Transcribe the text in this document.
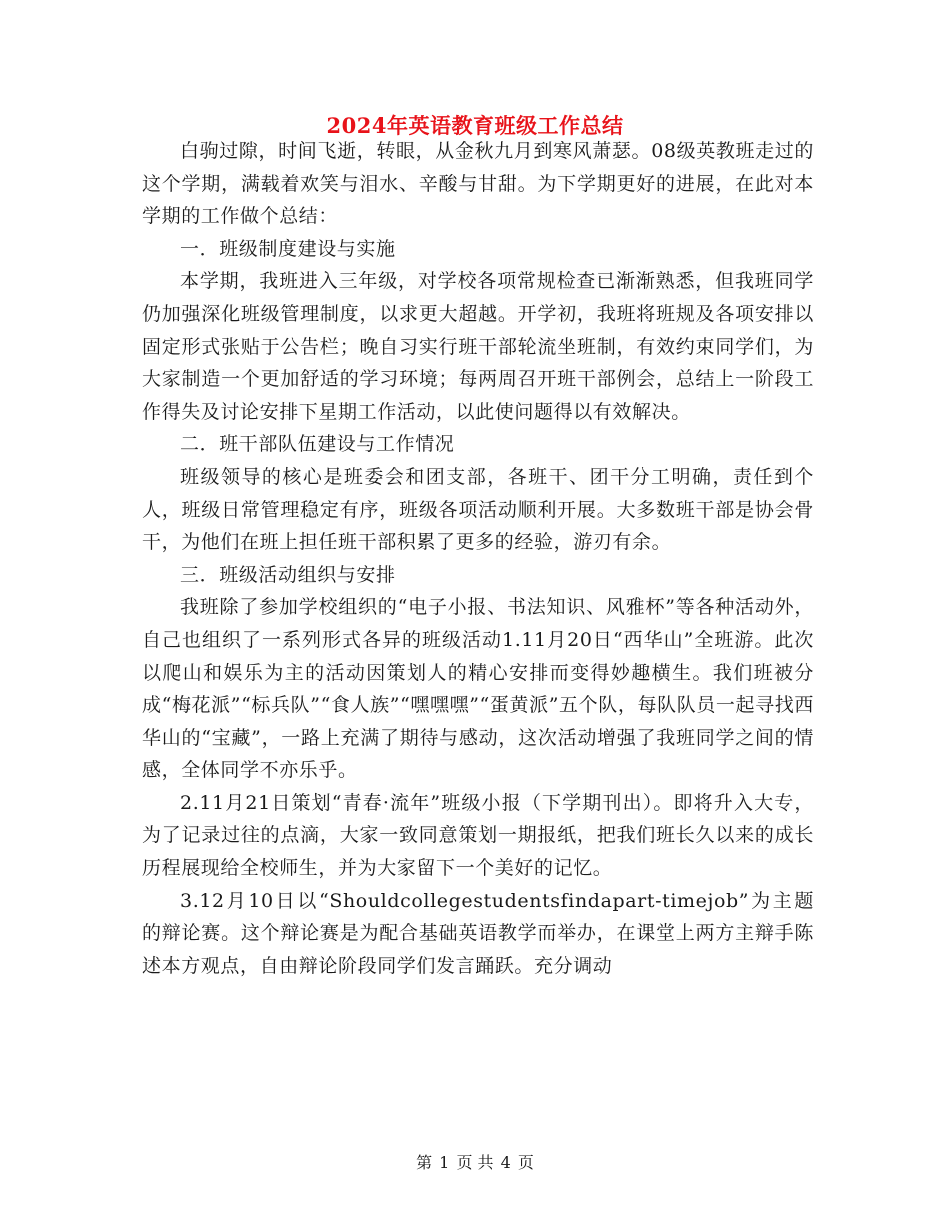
2024年英语教育班级工作总结

白驹过隙，时间飞逝，转眼，从金秋九月到寒风萧瑟。08级英教班走过的这个学期，满载着欢笑与泪水、辛酸与甘甜。为下学期更好的进展，在此对本学期的工作做个总结：

一．班级制度建设与实施

本学期，我班进入三年级，对学校各项常规检查已渐渐熟悉，但我班同学仍加强深化班级管理制度，以求更大超越。开学初，我班将班规及各项安排以固定形式张贴于公告栏；晚自习实行班干部轮流坐班制，有效约束同学们，为大家制造一个更加舒适的学习环境；每两周召开班干部例会，总结上一阶段工作得失及讨论安排下星期工作活动，以此使问题得以有效解决。

二．班干部队伍建设与工作情况

班级领导的核心是班委会和团支部，各班干、团干分工明确，责任到个人，班级日常管理稳定有序，班级各项活动顺利开展。大多数班干部是协会骨干，为他们在班上担任班干部积累了更多的经验，游刃有余。

三．班级活动组织与安排

我班除了参加学校组织的“电子小报、书法知识、风雅杯”等各种活动外，自己也组织了一系列形式各异的班级活动1.11月20日“西华山”全班游。此次以爬山和娱乐为主的活动因策划人的精心安排而变得妙趣横生。我们班被分成“梅花派”“标兵队”“食人族”“嘿嘿嘿”“蛋黄派”五个队，每队队员一起寻找西华山的“宝藏”，一路上充满了期待与感动，这次活动增强了我班同学之间的情感，全体同学不亦乐乎。

2.11月21日策划“青春·流年”班级小报（下学期刊出）。即将升入大专，为了记录过往的点滴，大家一致同意策划一期报纸，把我们班长久以来的成长历程展现给全校师生，并为大家留下一个美好的记忆。

3.12月10日以“Shouldcollegestudentsfindapart-timejob”为主题的辩论赛。这个辩论赛是为配合基础英语教学而举办，在课堂上两方主辩手陈述本方观点，自由辩论阶段同学们发言踊跃。充分调动

第 1 页 共 4 页
